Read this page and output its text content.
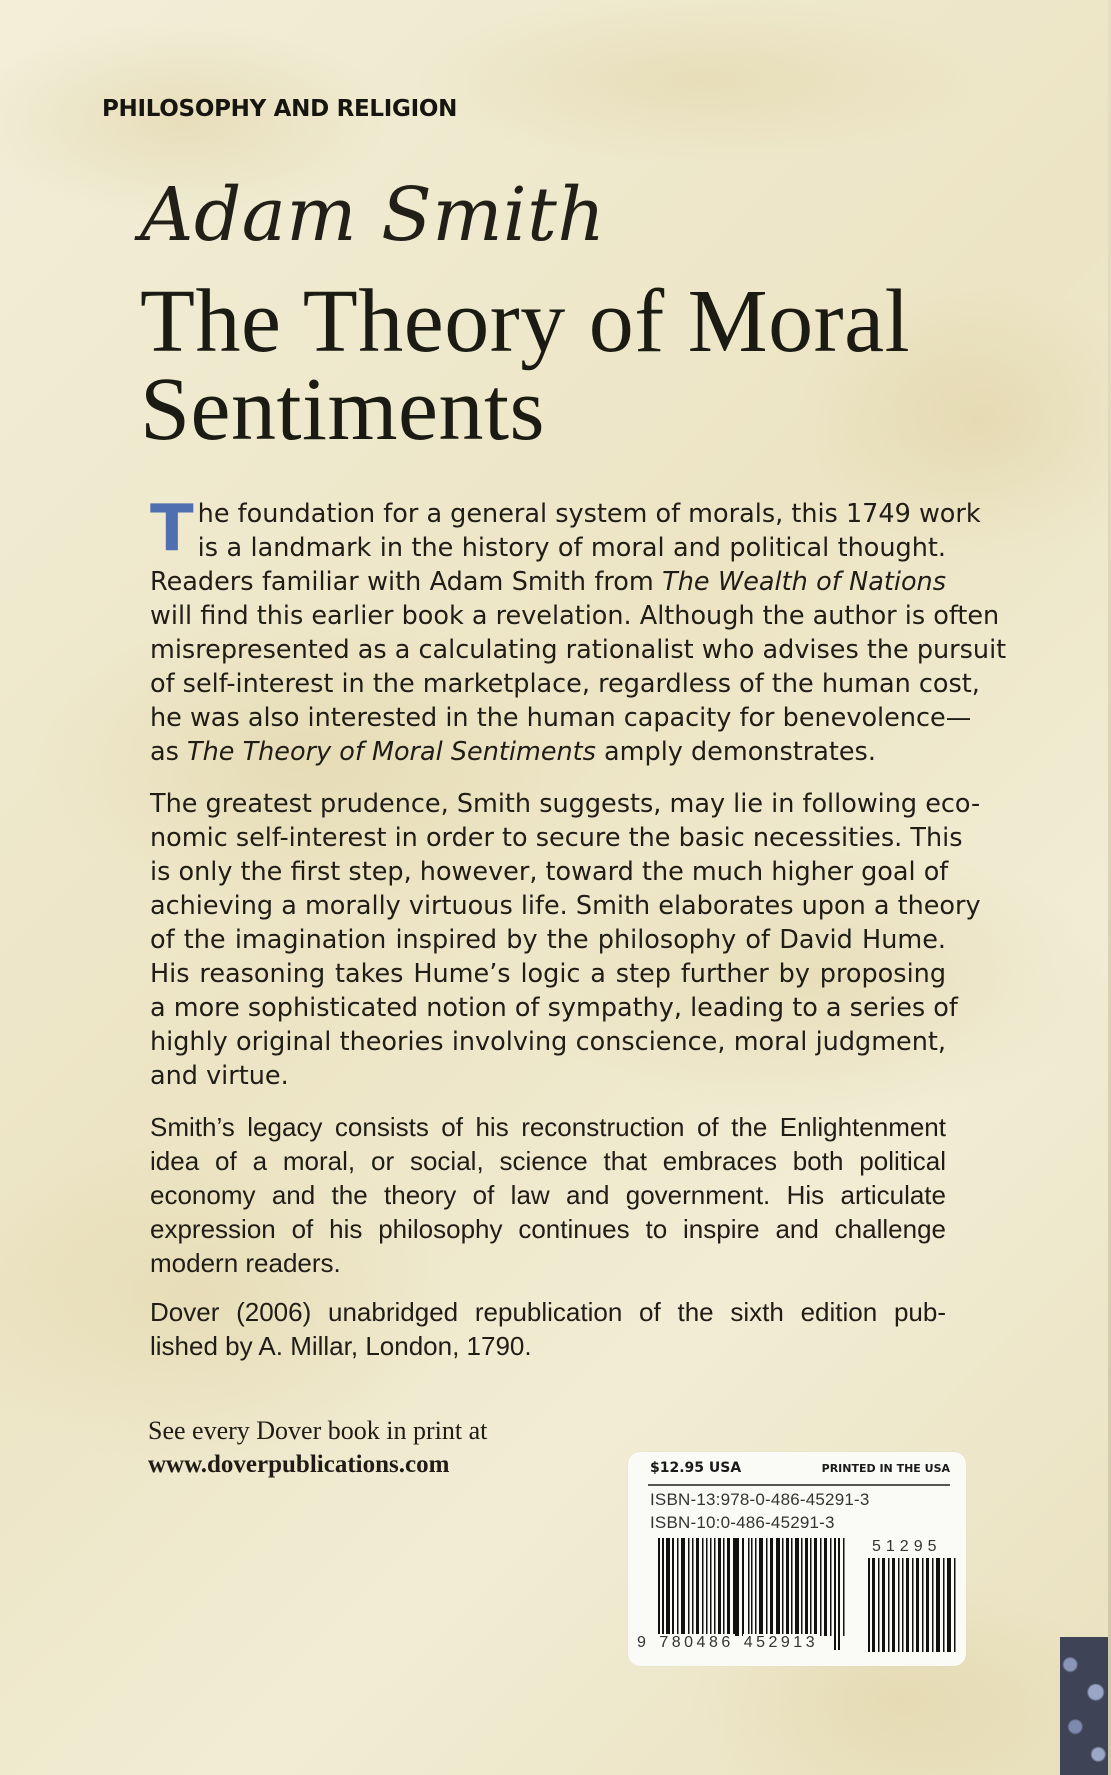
PHILOSOPHY AND RELIGION
Adam Smith
The Theory of Moral
Sentiments
T he foundation for a general system of morals, this 1749 work
is a landmark in the history of moral and political thought.
Readers familiar with Adam Smith from The Wealth of Nations
will find this earlier book a revelation. Although the author is often
misrepresented as a calculating rationalist who advises the pursuit
of self-interest in the marketplace, regardless of the human cost,
he was also interested in the human capacity for benevolence—
as The Theory of Moral Sentiments amply demonstrates.
The greatest prudence, Smith suggests, may lie in following eco-
nomic self-interest in order to secure the basic necessities. This
is only the first step, however, toward the much higher goal of
achieving a morally virtuous life. Smith elaborates upon a theory
of the imagination inspired by the philosophy of David Hume.
His reasoning takes Hume’s logic a step further by proposing
a more sophisticated notion of sympathy, leading to a series of
highly original theories involving conscience, moral judgment,
and virtue.
Smith’s legacy consists of his reconstruction of the Enlightenment
idea of a moral, or social, science that embraces both political
economy and the theory of law and government. His articulate
expression of his philosophy continues to inspire and challenge
modern readers.
Dover (2006) unabridged republication of the sixth edition pub-
lished by A. Millar, London, 1790.
See every Dover book in print at
www.doverpublications.com	$12.95 USA	PRINTED IN THE USA
ISBN-13:978-0-486-45291-3
ISBN-10:0-486-45291-3
51295
9 780486 452913
